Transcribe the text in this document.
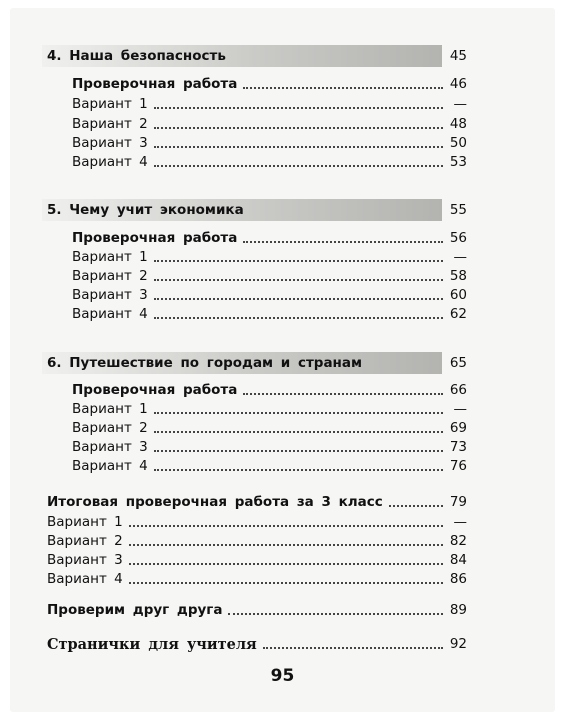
4. Наша безопасность	45
Проверочная работа	46
Вариант 1	—
Вариант 2	48
Вариант 3	50
Вариант 4	53
5. Чему учит экономика	55
Проверочная работа	56
Вариант 1	—
Вариант 2	58
Вариант 3	60
Вариант 4	62
6. Путешествие по городам и странам	65
Проверочная работа	66
Вариант 1	—
Вариант 2	69
Вариант 3	73
Вариант 4	76
Итоговая проверочная работа за 3 класс	79
Вариант 1	—
Вариант 2	82
Вариант 3	84
Вариант 4	86
Проверим друг друга	89
Странички для учителя	92
95
